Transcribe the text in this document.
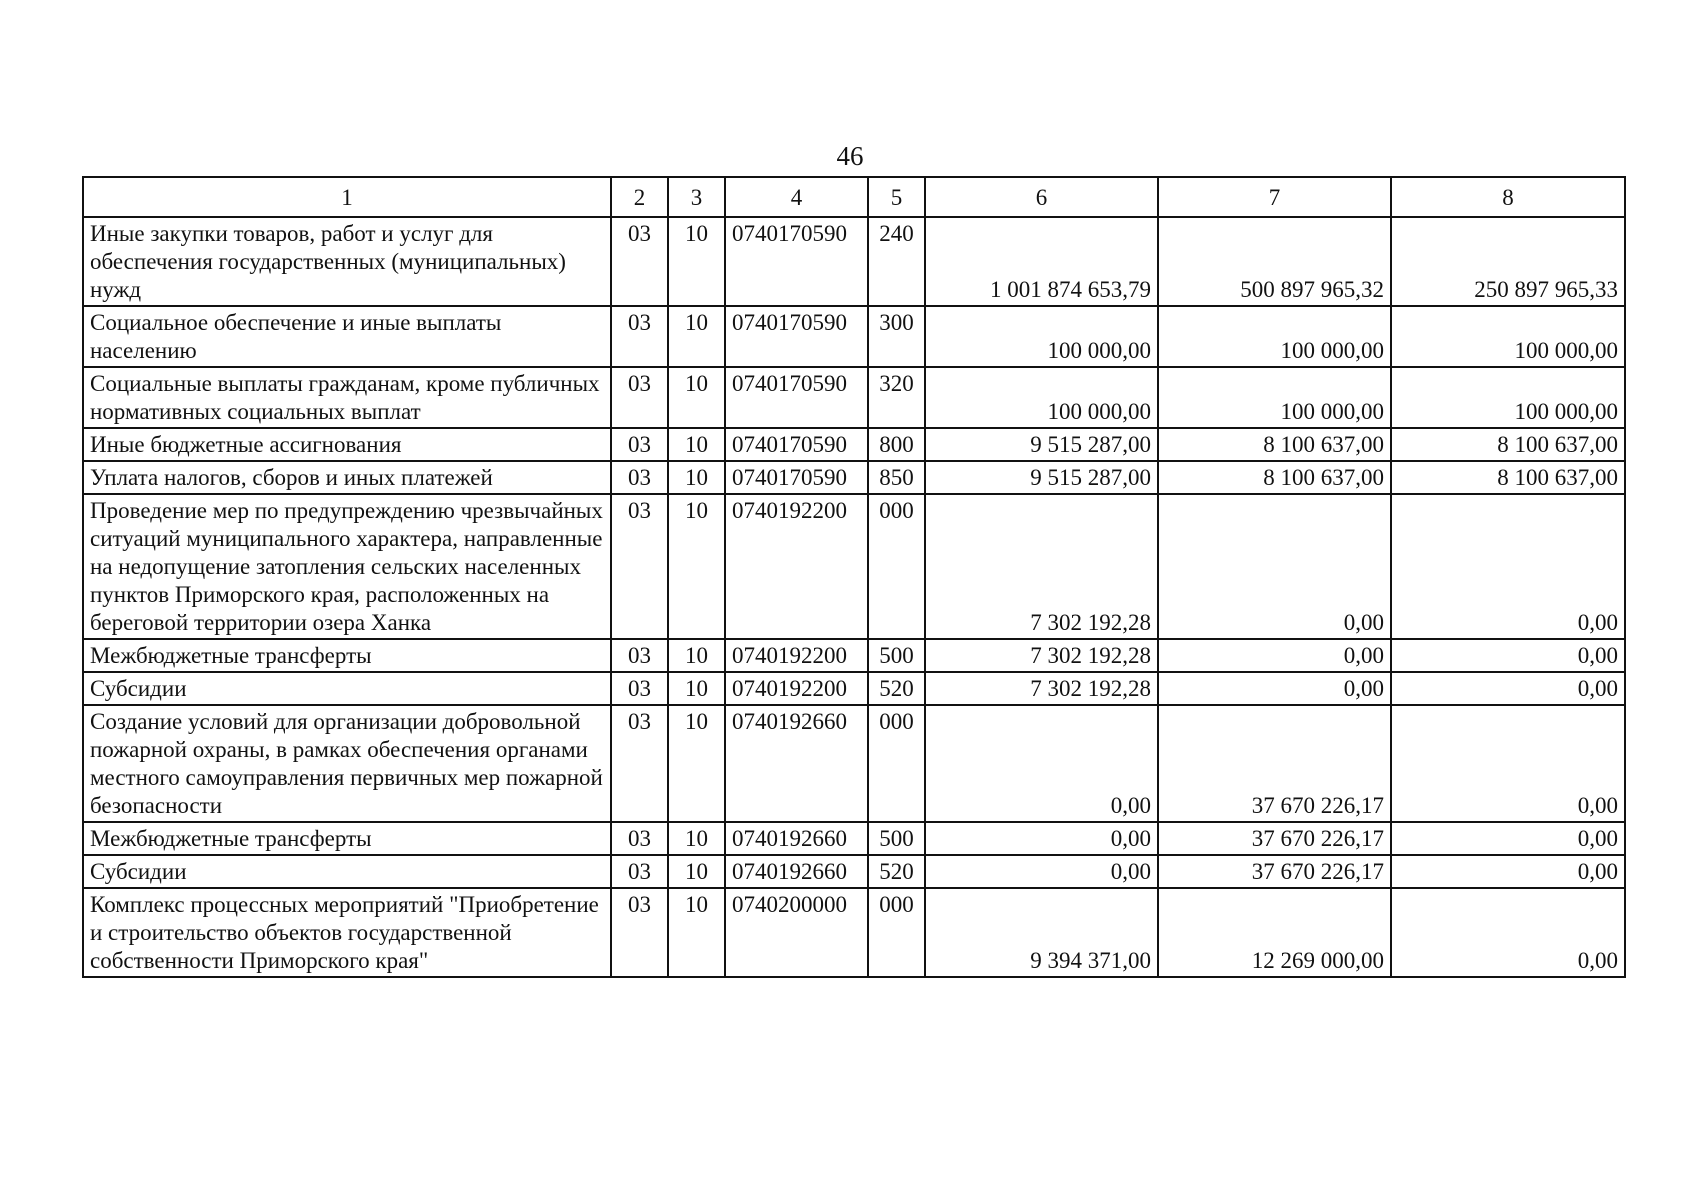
46
1	2	3	4	5	6	7	8
Иные закупки товаров, работ и услуг для обеспечения государственных (муниципальных) нужд	03	10	0740170590	240	1 001 874 653,79	500 897 965,32	250 897 965,33
Социальное обеспечение и иные выплаты населению	03	10	0740170590	300	100 000,00	100 000,00	100 000,00
Социальные выплаты гражданам, кроме публичных нормативных социальных выплат	03	10	0740170590	320	100 000,00	100 000,00	100 000,00
Иные бюджетные ассигнования	03	10	0740170590	800	9 515 287,00	8 100 637,00	8 100 637,00
Уплата налогов, сборов и иных платежей	03	10	0740170590	850	9 515 287,00	8 100 637,00	8 100 637,00
Проведение мер по предупреждению чрезвычайных ситуаций муниципального характера, направленные на недопущение затопления сельских населенных пунктов Приморского края, расположенных на береговой территории озера Ханка	03	10	0740192200	000	7 302 192,28	0,00	0,00
Межбюджетные трансферты	03	10	0740192200	500	7 302 192,28	0,00	0,00
Субсидии	03	10	0740192200	520	7 302 192,28	0,00	0,00
Создание условий для организации добровольной пожарной охраны, в рамках обеспечения органами местного самоуправления первичных мер пожарной безопасности	03	10	0740192660	000	0,00	37 670 226,17	0,00
Межбюджетные трансферты	03	10	0740192660	500	0,00	37 670 226,17	0,00
Субсидии	03	10	0740192660	520	0,00	37 670 226,17	0,00
Комплекс процессных мероприятий "Приобретение и строительство объектов государственной собственности Приморского края"	03	10	0740200000	000	9 394 371,00	12 269 000,00	0,00
